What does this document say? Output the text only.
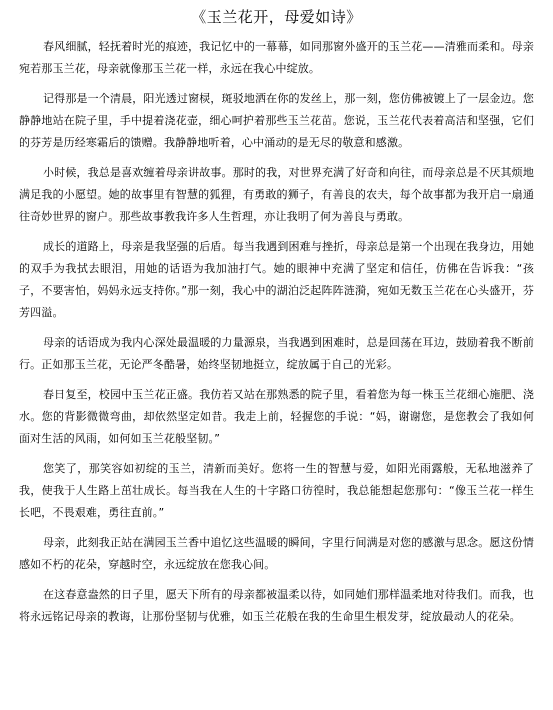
《玉兰花开，母爱如诗》

春风细腻，轻抚着时光的痕迹，我记忆中的一幕幕，如同那窗外盛开的玉兰花——清雅而柔和。母亲宛若那玉兰花，母亲就像那玉兰花一样，永远在我心中绽放。

记得那是一个清晨，阳光透过窗棂，斑驳地洒在你的发丝上，那一刻，您仿佛被镀上了一层金边。您静静地站在院子里，手中提着浇花壶，细心呵护着那些玉兰花苗。您说，玉兰花代表着高洁和坚强，它们的芬芳是历经寒霜后的馈赠。我静静地听着，心中涌动的是无尽的敬意和感激。

小时候，我总是喜欢缠着母亲讲故事。那时的我，对世界充满了好奇和向往，而母亲总是不厌其烦地满足我的小愿望。她的故事里有智慧的狐狸，有勇敢的狮子，有善良的农夫，每个故事都为我开启一扇通往奇妙世界的窗户。那些故事教我许多人生哲理，亦让我明了何为善良与勇敢。

成长的道路上，母亲是我坚强的后盾。每当我遇到困难与挫折，母亲总是第一个出现在我身边，用她的双手为我拭去眼泪，用她的话语为我加油打气。她的眼神中充满了坚定和信任，仿佛在告诉我：“孩子，不要害怕，妈妈永远支持你。”那一刻，我心中的湖泊泛起阵阵涟漪，宛如无数玉兰花在心头盛开，芬芳四溢。

母亲的话语成为我内心深处最温暖的力量源泉，当我遇到困难时，总是回荡在耳边，鼓励着我不断前行。正如那玉兰花，无论严冬酷暑，始终坚韧地挺立，绽放属于自己的光彩。

春日复至，校园中玉兰花正盛。我仿若又站在那熟悉的院子里，看着您为每一株玉兰花细心施肥、浇水。您的背影微微弯曲，却依然坚定如昔。我走上前，轻握您的手说：“妈，谢谢您，是您教会了我如何面对生活的风雨，如何如玉兰花般坚韧。”

您笑了，那笑容如初绽的玉兰，清新而美好。您将一生的智慧与爱，如阳光雨露般，无私地滋养了我，使我于人生路上茁壮成长。每当我在人生的十字路口彷徨时，我总能想起您那句：“像玉兰花一样生长吧，不畏艰难，勇往直前。”

母亲，此刻我正站在满园玉兰香中追忆这些温暖的瞬间，字里行间满是对您的感激与思念。愿这份情感如不朽的花朵，穿越时空，永远绽放在您我心间。

在这春意盎然的日子里，愿天下所有的母亲都被温柔以待，如同她们那样温柔地对待我们。而我，也将永远铭记母亲的教诲，让那份坚韧与优雅，如玉兰花般在我的生命里生根发芽，绽放最动人的花朵。
